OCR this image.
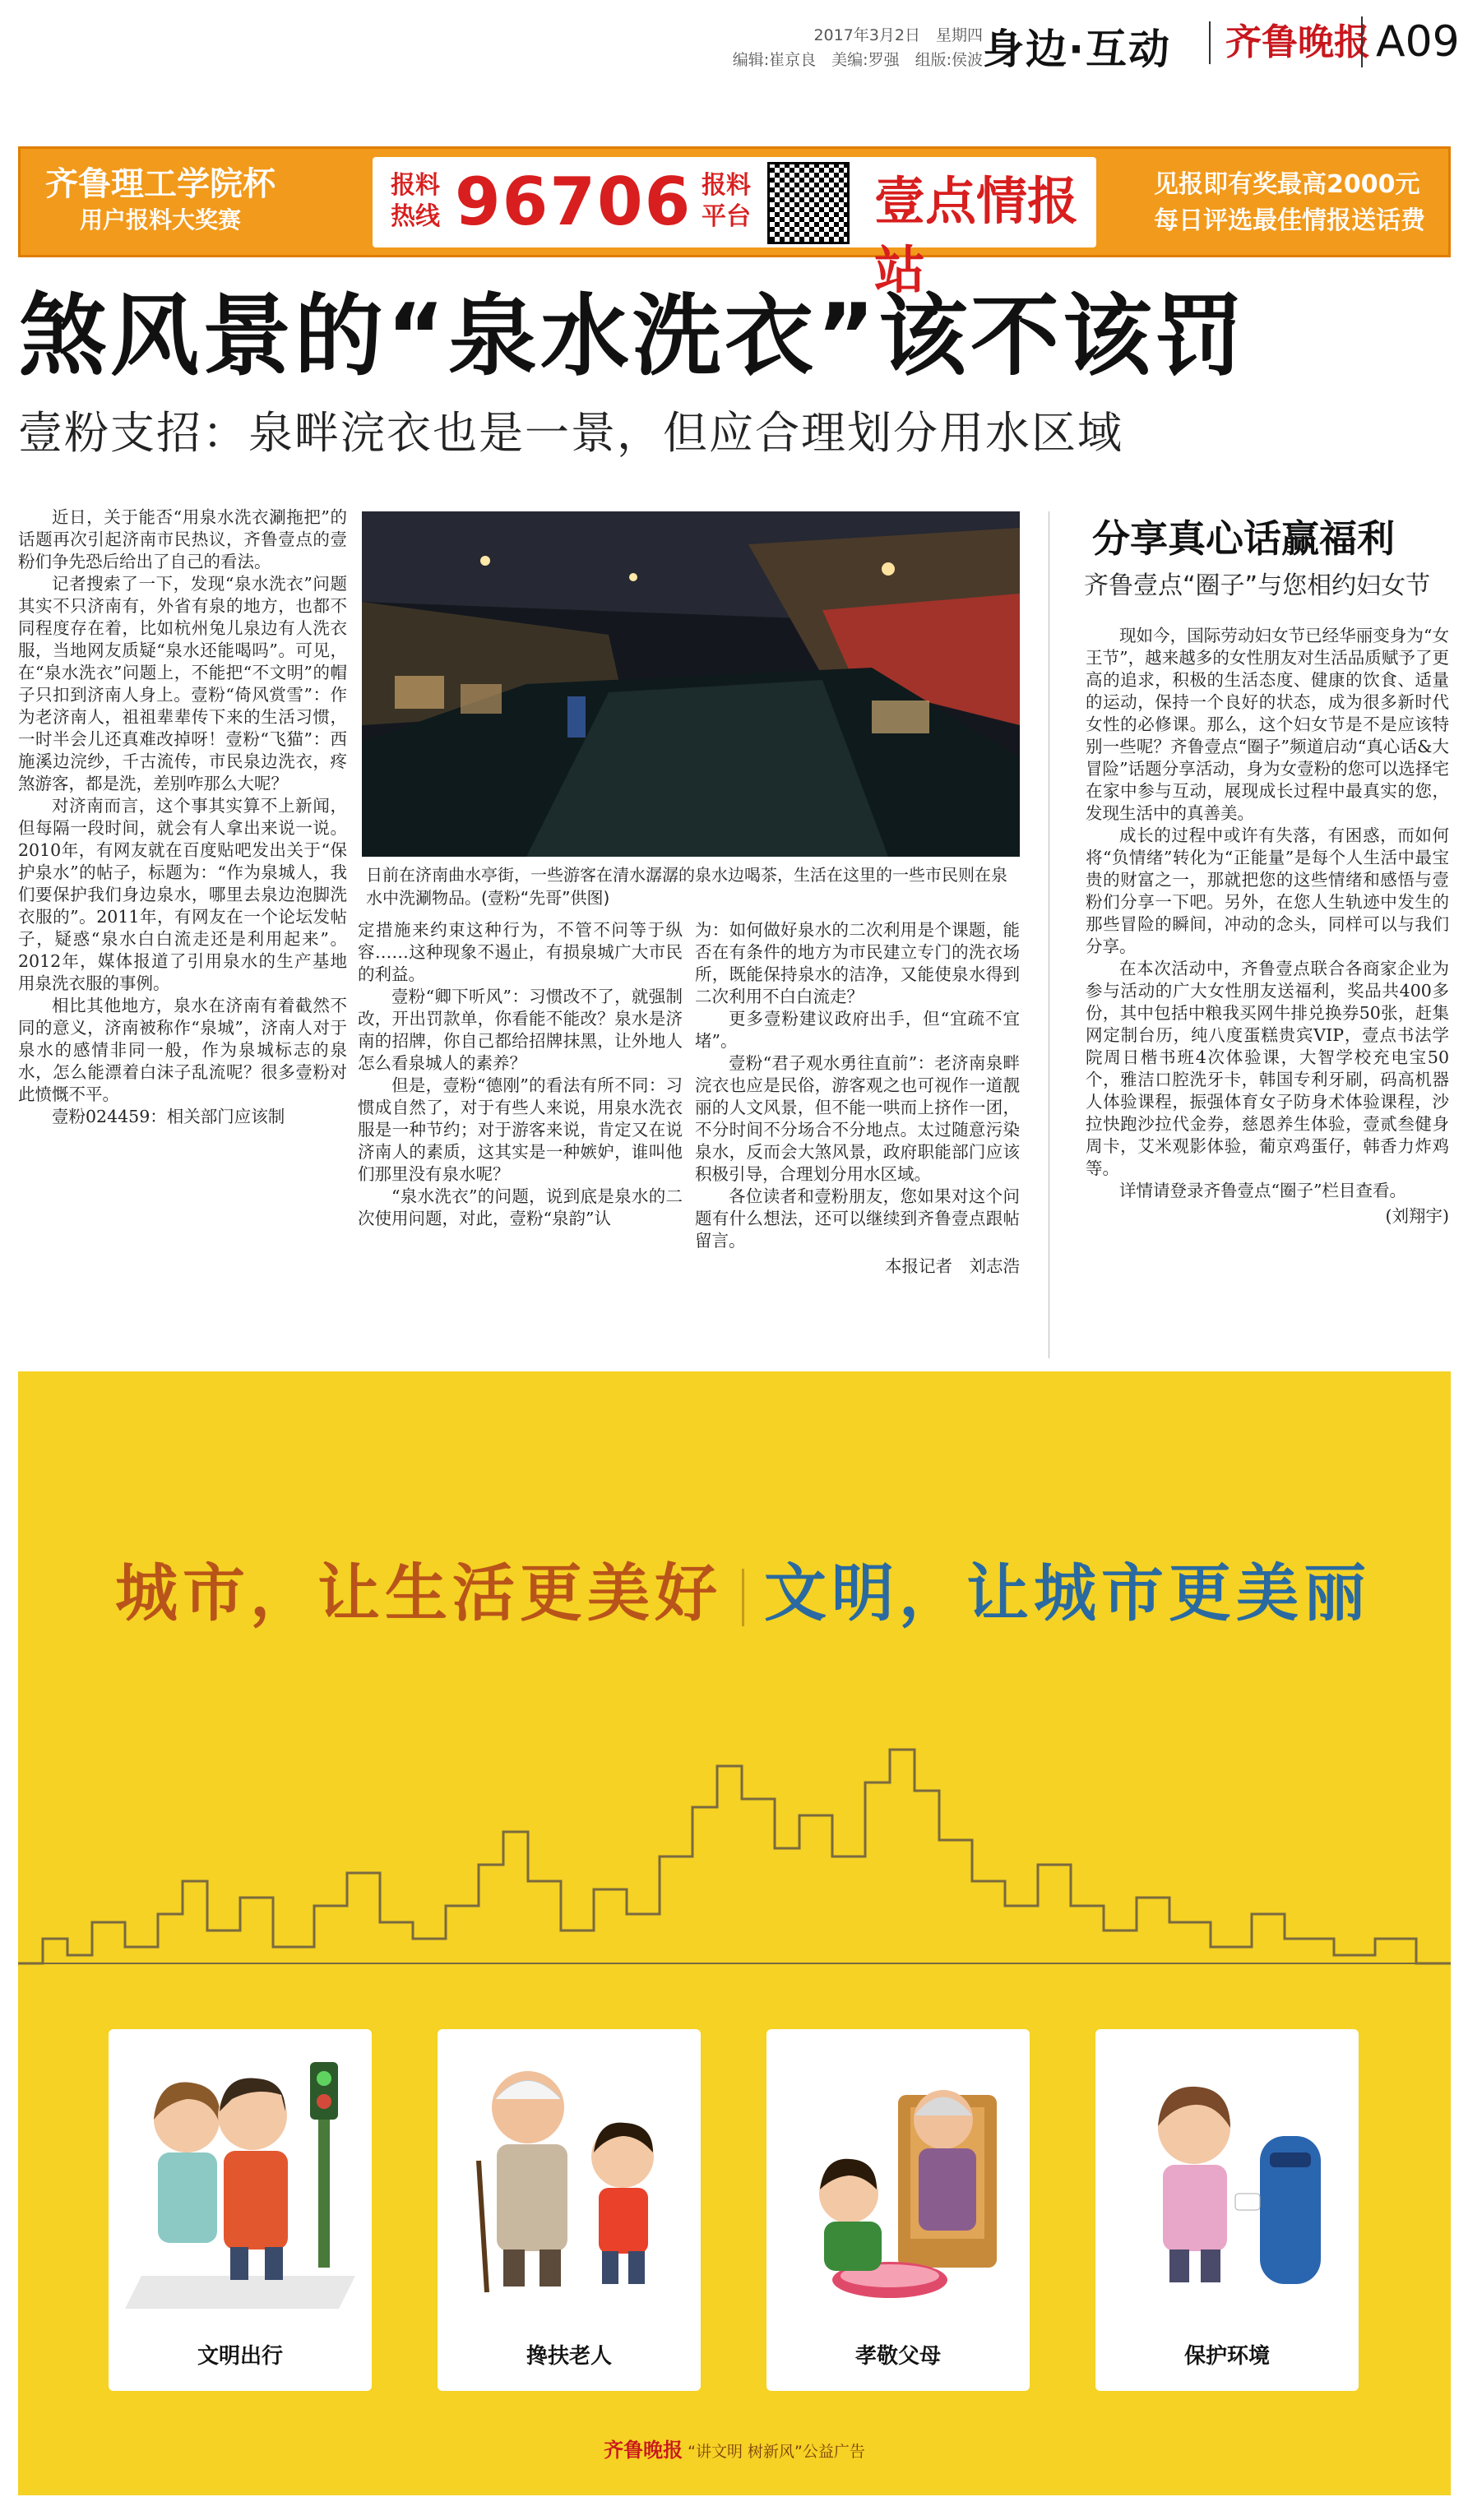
2017年3月2日　星期四
编辑:崔京良　美编:罗强　组版:侯波 身边·互动	齐鲁晚报 A09
齐鲁理工学院杯
用户报料大奖赛
报料热线 96706 报料平台 壹点情报站
见报即有奖最高2000元
每日评选最佳情报送话费
煞风景的“泉水洗衣”该不该罚
壹粉支招：泉畔浣衣也是一景，但应合理划分用水区域
日前在济南曲水亭街，一些游客在清水潺潺的泉水边喝茶，生活在这里的一些市民则在泉水中洗涮物品。(壹粉“先哥”供图)

近日，关于能否“用泉水洗衣涮拖把”的话题再次引起济南市民热议，齐鲁壹点的壹粉们争先恐后给出了自己的看法。

记者搜索了一下，发现“泉水洗衣”问题其实不只济南有，外省有泉的地方，也都不同程度存在着，比如杭州兔儿泉边有人洗衣服，当地网友质疑“泉水还能喝吗”。可见，在“泉水洗衣”问题上，不能把“不文明”的帽子只扣到济南人身上。壹粉“倚风赏雪”：作为老济南人，祖祖辈辈传下来的生活习惯，一时半会儿还真难改掉呀！壹粉“飞猫”：西施溪边浣纱，千古流传，市民泉边洗衣，疼煞游客，都是洗，差别咋那么大呢？

对济南而言，这个事其实算不上新闻，但每隔一段时间，就会有人拿出来说一说。2010年，有网友就在百度贴吧发出关于“保护泉水”的帖子，标题为：“作为泉城人，我们要保护我们身边泉水，哪里去泉边泡脚洗衣服的”。2011年，有网友在一个论坛发帖子，疑惑“泉水白白流走还是利用起来”。2012年，媒体报道了引用泉水的生产基地用泉洗衣服的事例。

相比其他地方，泉水在济南有着截然不同的意义，济南被称作“泉城”，济南人对于泉水的感情非同一般，作为泉城标志的泉水，怎么能漂着白沫子乱流呢？很多壹粉对此愤慨不平。

壹粉024459：相关部门应该制

定措施来约束这种行为，不管不问等于纵容……这种现象不遏止，有损泉城广大市民的利益。

壹粉“卿下听风”：习惯改不了，就强制改，开出罚款单，你看能不能改？泉水是济南的招牌，你自己都给招牌抹黑，让外地人怎么看泉城人的素养？

但是，壹粉“德刚”的看法有所不同：习惯成自然了，对于有些人来说，用泉水洗衣服是一种节约；对于游客来说，肯定又在说济南人的素质，这其实是一种嫉妒，谁叫他们那里没有泉水呢？

“泉水洗衣”的问题，说到底是泉水的二次使用问题，对此，壹粉“泉韵”认

为：如何做好泉水的二次利用是个课题，能否在有条件的地方为市民建立专门的洗衣场所，既能保持泉水的洁净，又能使泉水得到二次利用不白白流走？

更多壹粉建议政府出手，但“宜疏不宜堵”。

壹粉“君子观水勇往直前”：老济南泉畔浣衣也应是民俗，游客观之也可视作一道靓丽的人文风景，但不能一哄而上挤作一团，不分时间不分场合不分地点。太过随意污染泉水，反而会大煞风景，政府职能部门应该积极引导，合理划分用水区域。

各位读者和壹粉朋友，您如果对这个问题有什么想法，还可以继续到齐鲁壹点跟帖留言。

本报记者　刘志浩

分享真心话赢福利
齐鲁壹点“圈子”与您相约妇女节

现如今，国际劳动妇女节已经华丽变身为“女王节”，越来越多的女性朋友对生活品质赋予了更高的追求，积极的生活态度、健康的饮食、适量的运动，保持一个良好的状态，成为很多新时代女性的必修课。那么，这个妇女节是不是应该特别一些呢？齐鲁壹点“圈子”频道启动“真心话&大冒险”话题分享活动，身为女壹粉的您可以选择宅在家中参与互动，展现成长过程中最真实的您，发现生活中的真善美。

成长的过程中或许有失落，有困惑，而如何将“负情绪”转化为“正能量”是每个人生活中最宝贵的财富之一，那就把您的这些情绪和感悟与壹粉们分享一下吧。另外，在您人生轨迹中发生的那些冒险的瞬间，冲动的念头，同样可以与我们分享。

在本次活动中，齐鲁壹点联合各商家企业为参与活动的广大女性朋友送福利，奖品共400多份，其中包括中粮我买网牛排兑换券50张，赶集网定制台历，纯八度蛋糕贵宾VIP，壹点书法学院周日楷书班4次体验课，大智学校充电宝50个，雅洁口腔洗牙卡，韩国专利牙刷，码高机器人体验课程，振强体育女子防身术体验课程，沙拉快跑沙拉代金券，慈恩养生体验，壹贰叁健身周卡，艾米观影体验，葡京鸡蛋仔，韩香力炸鸡等。

详情请登录齐鲁壹点“圈子”栏目查看。

(刘翔宇)

城市，让生活更美好 文明，让城市更美丽
文明出行	搀扶老人	孝敬父母	保护环境
齐鲁晚报 “讲文明 树新风”公益广告
